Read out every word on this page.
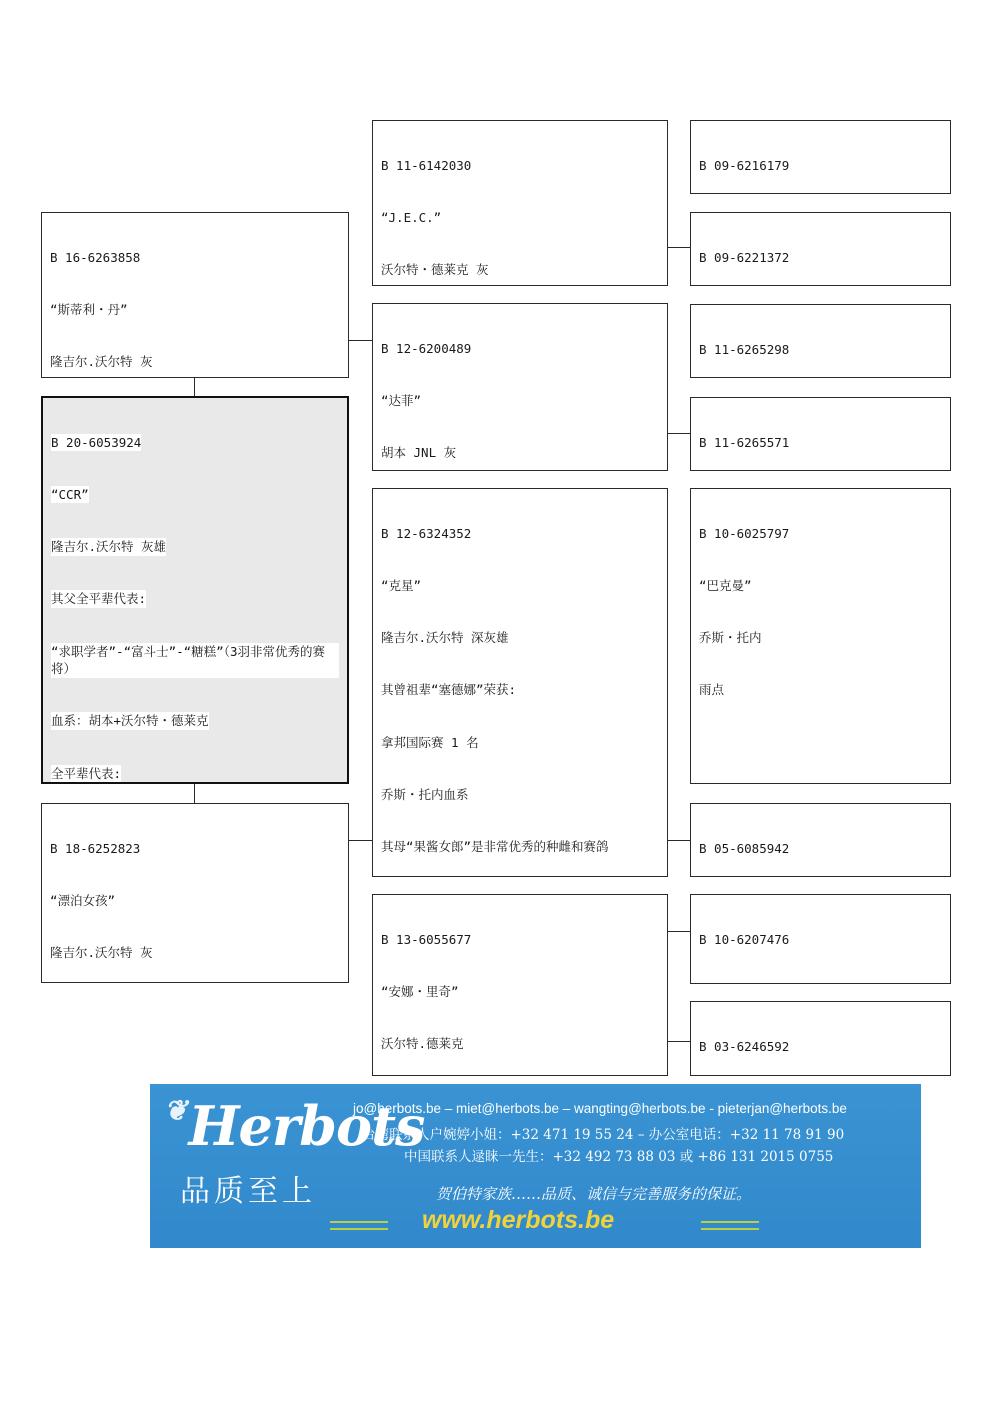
B 20-6053924

“CCR”

隆吉尔.沃尔特 灰雄

其父全平辈代表:

“求职学者”-“富斗士”-“糖糕”（3羽非常优秀的赛将）

血系：胡本+沃尔特・德莱克

全平辈代表:

B 16-6263858

“斯蒂利・丹”

隆吉尔.沃尔特 灰

B 18-6252823

“漂泊女孩”

隆吉尔.沃尔特 灰

B 11-6142030

“J.E.C.”

沃尔特・德莱克 灰

B 12-6200489

“达菲”

胡本 JNL 灰

B 12-6324352

“克星”

隆吉尔.沃尔特 深灰雄

其曾祖辈“塞德娜”荣获:

拿邦国际赛 1 名

乔斯・托内血系

其母“果酱女郎”是非常优秀的种雌和赛鸽

B 13-6055677

“安娜・里奇”

沃尔特.德莱克

B 09-6216179

B 09-6221372

B 11-6265298

B 11-6265571

B 10-6025797

“巴克曼”

乔斯・托内

雨点

B 05-6085942

B 10-6207476

B 03-6246592

❦Herbots
品质至上
jo@herbots.be – miet@herbots.be – wangting@herbots.be - pieterjan@herbots.be
台湾联系人户婉婷小姐：+32 471 19 55 24 – 办公室电话：+32 11 78 91 90
中国联系人逯睐一先生：+32 492 73 88 03 或 +86 131 2015 0755
贺伯特家族……品质、诚信与完善服务的保证。
www.herbots.be
